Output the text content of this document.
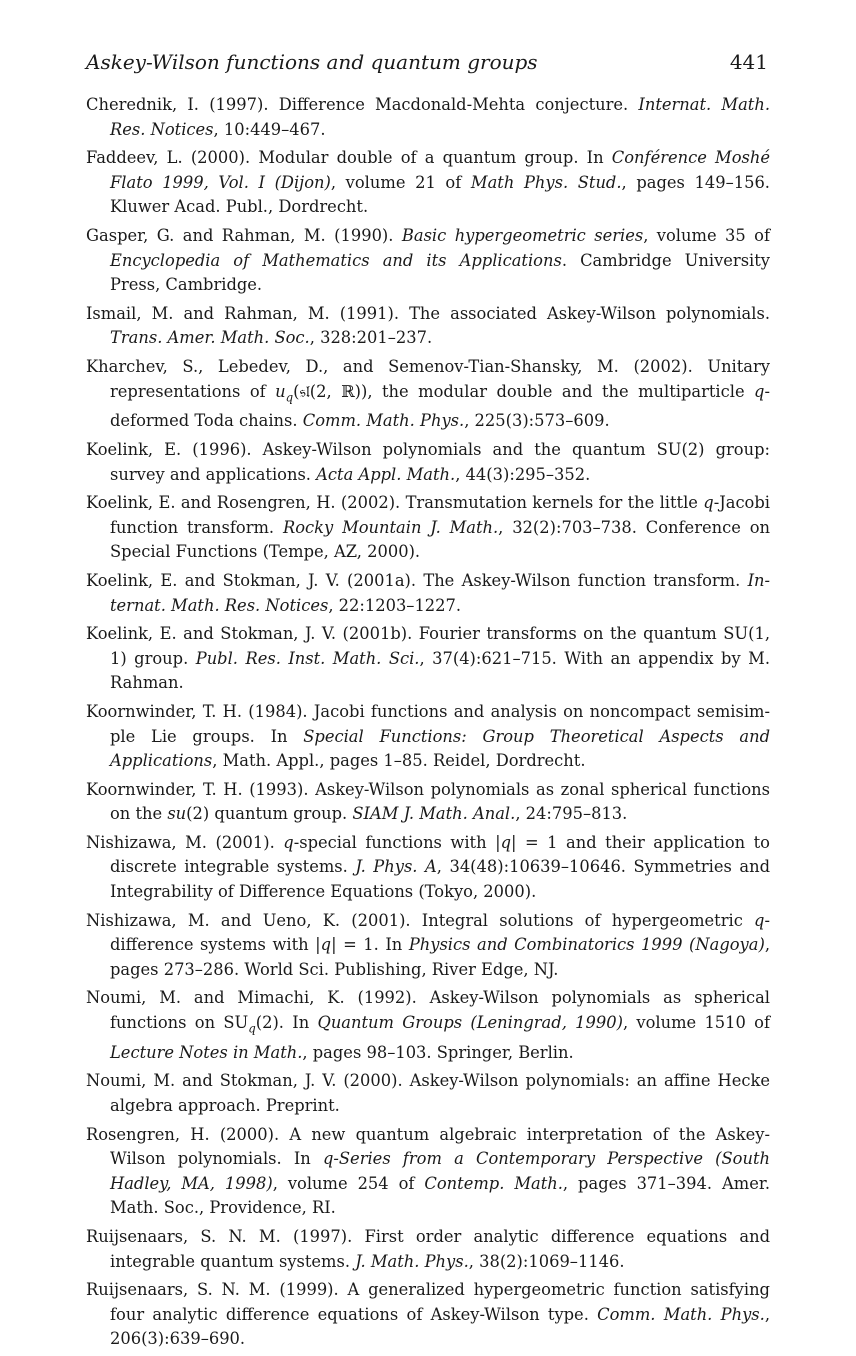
Askey-Wilson functions and quantum groups	441

Cherednik, I. (1997). Difference Macdonald-Mehta conjecture. Internat. Math. Res. Notices, 10:449–467.

Faddeev, L. (2000). Modular double of a quantum group. In Conférence Moshé Flato 1999, Vol. I (Dijon), volume 21 of Math Phys. Stud., pages 149–156. Kluwer Acad. Publ., Dordrecht.

Gasper, G. and Rahman, M. (1990). Basic hypergeometric series, volume 35 of Encyclopedia of Mathematics and its Applications. Cambridge University Press, Cambridge.

Ismail, M. and Rahman, M. (1991). The associated Askey-Wilson polynomials. Trans. Amer. Math. Soc., 328:201–237.

Kharchev, S., Lebedev, D., and Semenov-Tian-Shansky, M. (2002). Unitary representations of $u_q(𝔰𝔩(2$, ℝ)), the modular double and the multiparticle q-deformed Toda chains. Comm. Math. Phys., 225(3):573–609.

Koelink, E. (1996). Askey-Wilson polynomials and the quantum SU(2) group: survey and applications. Acta Appl. Math., 44(3):295–352.

Koelink, E. and Rosengren, H. (2002). Transmutation kernels for the little q-Jacobi function transform. Rocky Mountain J. Math., 32(2):703–738. Conference on Special Functions (Tempe, AZ, 2000).

Koelink, E. and Stokman, J. V. (2001a). The Askey-Wilson function transform. Internat. Math. Res. Notices, 22:1203–1227.

Koelink, E. and Stokman, J. V. (2001b). Fourier transforms on the quantum SU(1, 1) group. Publ. Res. Inst. Math. Sci., 37(4):621–715. With an appendix by M. Rahman.

Koornwinder, T. H. (1984). Jacobi functions and analysis on noncompact semisimple Lie groups. In Special Functions: Group Theoretical Aspects and Applications, Math. Appl., pages 1–85. Reidel, Dordrecht.

Koornwinder, T. H. (1993). Askey-Wilson polynomials as zonal spherical functions on the su(2) quantum group. SIAM J. Math. Anal., 24:795–813.

Nishizawa, M. (2001). q-special functions with |q| = 1 and their application to discrete integrable systems. J. Phys. A, 34(48):10639–10646. Symmetries and Integrability of Difference Equations (Tokyo, 2000).

Nishizawa, M. and Ueno, K. (2001). Integral solutions of hypergeometric q-difference systems with |q| = 1. In Physics and Combinatorics 1999 (Nagoya), pages 273–286. World Sci. Publishing, River Edge, NJ.

Noumi, M. and Mimachi, K. (1992). Askey-Wilson polynomials as spherical functions on $SU_q(2)$. In Quantum Groups (Leningrad, 1990), volume 1510 of Lecture Notes in Math., pages 98–103. Springer, Berlin.

Noumi, M. and Stokman, J. V. (2000). Askey-Wilson polynomials: an affine Hecke algebra approach. Preprint.

Rosengren, H. (2000). A new quantum algebraic interpretation of the Askey-Wilson polynomials. In q-Series from a Contemporary Perspective (South Hadley, MA, 1998), volume 254 of Contemp. Math., pages 371–394. Amer. Math. Soc., Providence, RI.

Ruijsenaars, S. N. M. (1997). First order analytic difference equations and integrable quantum systems. J. Math. Phys., 38(2):1069–1146.

Ruijsenaars, S. N. M. (1999). A generalized hypergeometric function satisfying four analytic difference equations of Askey-Wilson type. Comm. Math. Phys., 206(3):639–690.
